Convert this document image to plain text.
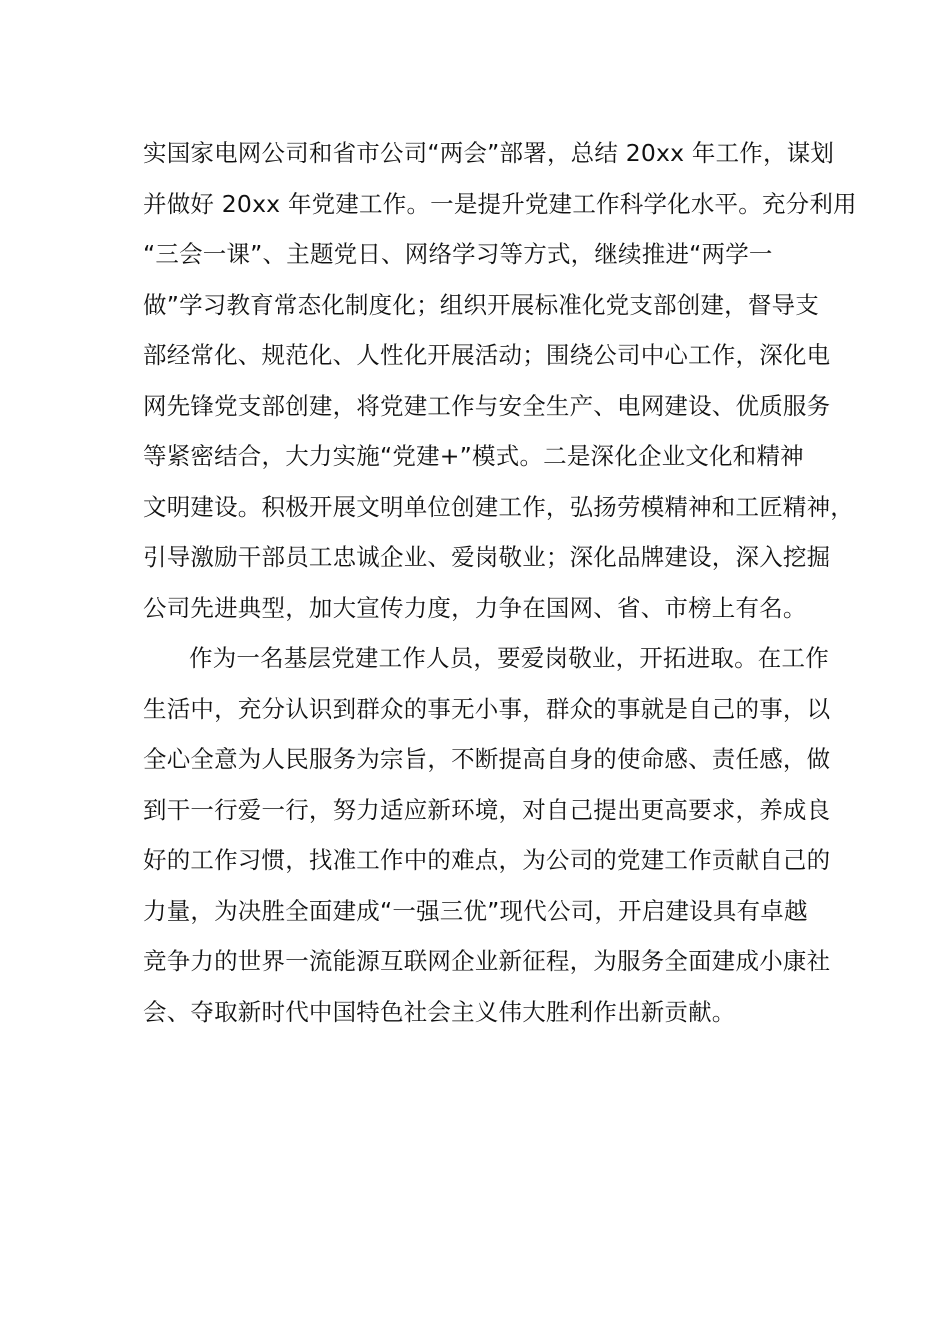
实国家电网公司和省市公司“两会”部署，总结 20xx 年工作，谋划
并做好 20xx 年党建工作。一是提升党建工作科学化水平。充分利用
“三会一课”、主题党日、网络学习等方式，继续推进“两学一
做”学习教育常态化制度化；组织开展标准化党支部创建，督导支
部经常化、规范化、人性化开展活动；围绕公司中心工作，深化电
网先锋党支部创建，将党建工作与安全生产、电网建设、优质服务
等紧密结合，大力实施“党建+”模式。二是深化企业文化和精神
文明建设。积极开展文明单位创建工作，弘扬劳模精神和工匠精神，
引导激励干部员工忠诚企业、爱岗敬业；深化品牌建设，深入挖掘
公司先进典型，加大宣传力度，力争在国网、省、市榜上有名。
作为一名基层党建工作人员，要爱岗敬业，开拓进取。在工作
生活中，充分认识到群众的事无小事，群众的事就是自己的事，以
全心全意为人民服务为宗旨，不断提高自身的使命感、责任感，做
到干一行爱一行，努力适应新环境，对自己提出更高要求，养成良
好的工作习惯，找准工作中的难点，为公司的党建工作贡献自己的
力量，为决胜全面建成“一强三优”现代公司，开启建设具有卓越
竞争力的世界一流能源互联网企业新征程，为服务全面建成小康社
会、夺取新时代中国特色社会主义伟大胜利作出新贡献。
